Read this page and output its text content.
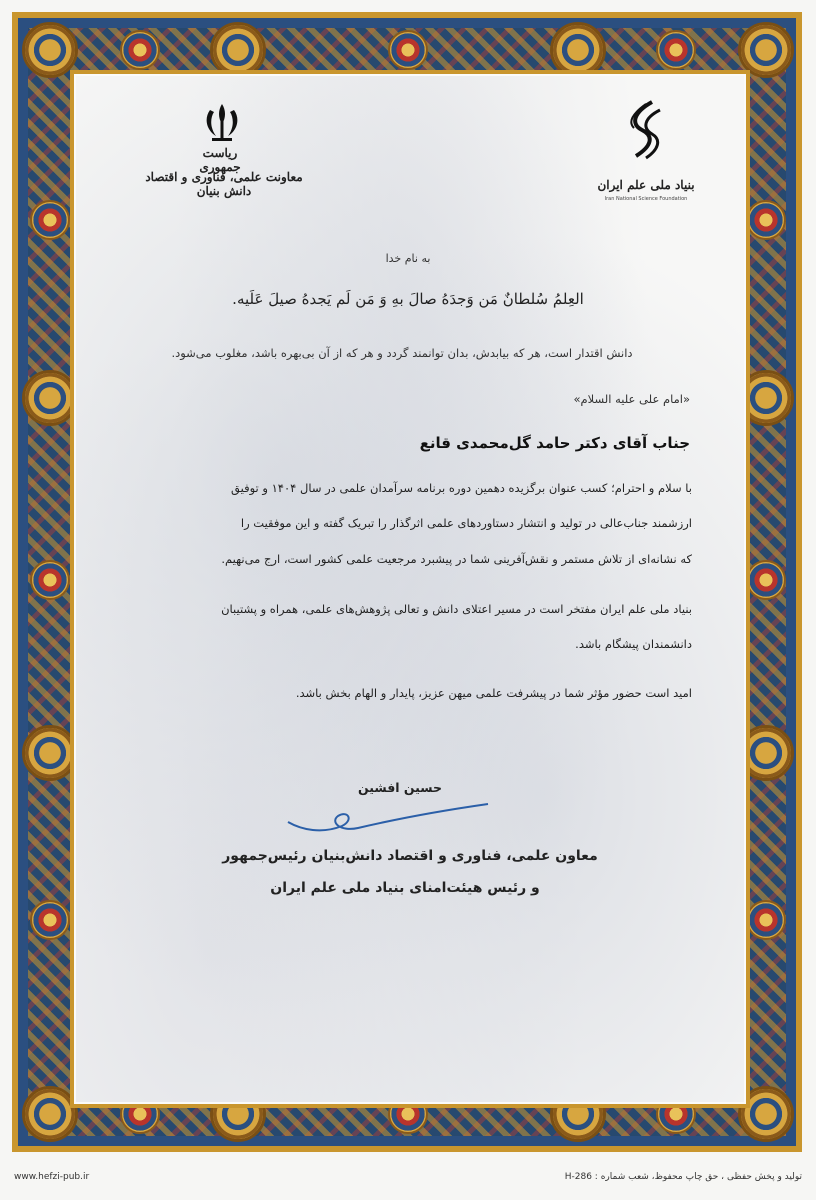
ریاست جمهوری
معاونت علمی، فناوری و اقتصاد دانش بنیان	بنیاد ملی علم ایران
Iran National Science Foundation
به نام خدا
العِلمُ سُلطانٌ مَن وَجدَهُ صالَ بهِ وَ مَن لَم یَجدهُ صیلَ عَلَیه.
دانش اقتدار است، هر که بیابدش، بدان توانمند گردد و هر که از آن بی‌بهره باشد، مغلوب می‌شود.
«امام علی علیه السلام»
جناب آقای دکتر حامد گل‌محمدی قانع
با سلام و احترام؛ کسب عنوان برگزیده دهمین دوره برنامه سرآمدان علمی در سال ۱۴۰۴ و توفیق
ارزشمند جناب‌عالی در تولید و انتشار دستاوردهای علمی اثرگذار را تبریک گفته و این موفقیت را
که نشانه‌ای از تلاش مستمر و نقش‌آفرینی شما در پیشبرد مرجعیت علمی کشور است، ارج می‌نهیم.
بنیاد ملی علم ایران مفتخر است در مسیر اعتلای دانش و تعالی پژوهش‌های علمی، همراه و پشتیبان
دانشمندان پیشگام باشد.
امید است حضور مؤثر شما در پیشرفت علمی میهن عزیز، پایدار و الهام بخش باشد.
حسین افشین
معاون علمی، فناوری و اقتصاد دانش‌بنیان رئیس‌جمهور
و رئیس هیئت‌امنای بنیاد ملی علم ایران
www.hefzi-pub.ir	تولید و پخش حفظی ، حق چاپ محفوظ، شعب شماره : H-286
